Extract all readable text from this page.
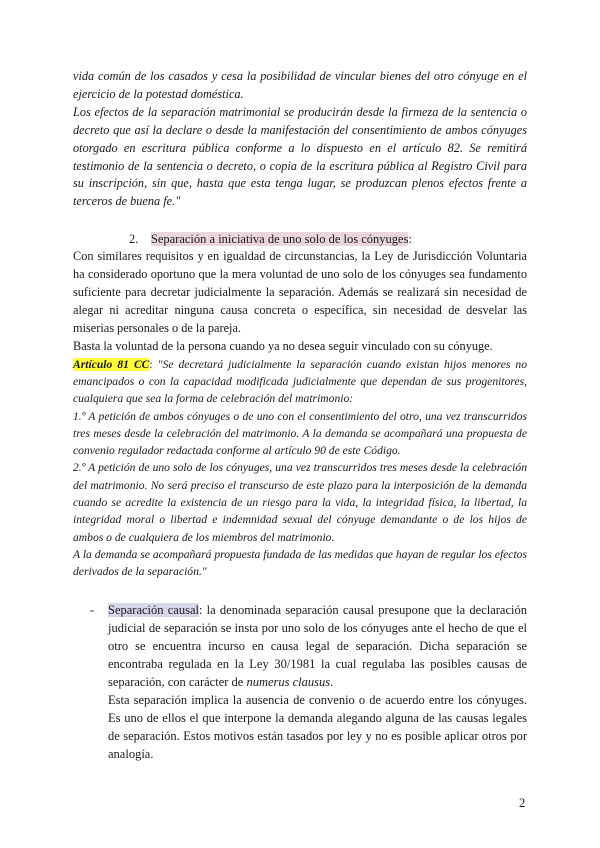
vida común de los casados y cesa la posibilidad de vincular bienes del otro cónyuge en el ejercicio de la potestad doméstica.

Los efectos de la separación matrimonial se producirán desde la firmeza de la sentencia o decreto que así la declare o desde la manifestación del consentimiento de ambos cónyuges otorgado en escritura pública conforme a lo dispuesto en el artículo 82. Se remitirá testimonio de la sentencia o decreto, o copia de la escritura pública al Registro Civil para su inscripción, sin que, hasta que esta tenga lugar, se produzcan plenos efectos frente a terceros de buena fe."

2. Separación a iniciativa de uno solo de los cónyuges:

Con similares requisitos y en igualdad de circunstancias, la Ley de Jurisdicción Voluntaria ha considerado oportuno que la mera voluntad de uno solo de los cónyuges sea fundamento suficiente para decretar judicialmente la separación. Además se realizará sin necesidad de alegar ni acreditar ninguna causa concreta o específica, sin necesidad de desvelar las miserias personales o de la pareja.

Basta la voluntad de la persona cuando ya no desea seguir vinculado con su cónyuge.

Artículo 81 CC: "Se decretará judicialmente la separación cuando existan hijos menores no emancipados o con la capacidad modificada judicialmente que dependan de sus progenitores, cualquiera que sea la forma de celebración del matrimonio:

1.º A petición de ambos cónyuges o de uno con el consentimiento del otro, una vez transcurridos tres meses desde la celebración del matrimonio. A la demanda se acompañará una propuesta de convenio regulador redactada conforme al artículo 90 de este Código.

2.º A petición de uno solo de los cónyuges, una vez transcurridos tres meses desde la celebración del matrimonio. No será preciso el transcurso de este plazo para la interposición de la demanda cuando se acredite la existencia de un riesgo para la vida, la integridad física, la libertad, la integridad moral o libertad e indemnidad sexual del cónyuge demandante o de los hijos de ambos o de cualquiera de los miembros del matrimonio.

A la demanda se acompañará propuesta fundada de las medidas que hayan de regular los efectos derivados de la separación."

- Separación causal: la denominada separación causal presupone que la declaración judicial de separación se insta por uno solo de los cónyuges ante el hecho de que el otro se encuentra incurso en causa legal de separación. Dicha separación se encontraba regulada en la Ley 30/1981 la cual regulaba las posibles causas de separación, con carácter de numerus clausus.

Esta separación implica la ausencia de convenio o de acuerdo entre los cónyuges. Es uno de ellos el que interpone la demanda alegando alguna de las causas legales de separación. Estos motivos están tasados por ley y no es posible aplicar otros por analogía.

2
